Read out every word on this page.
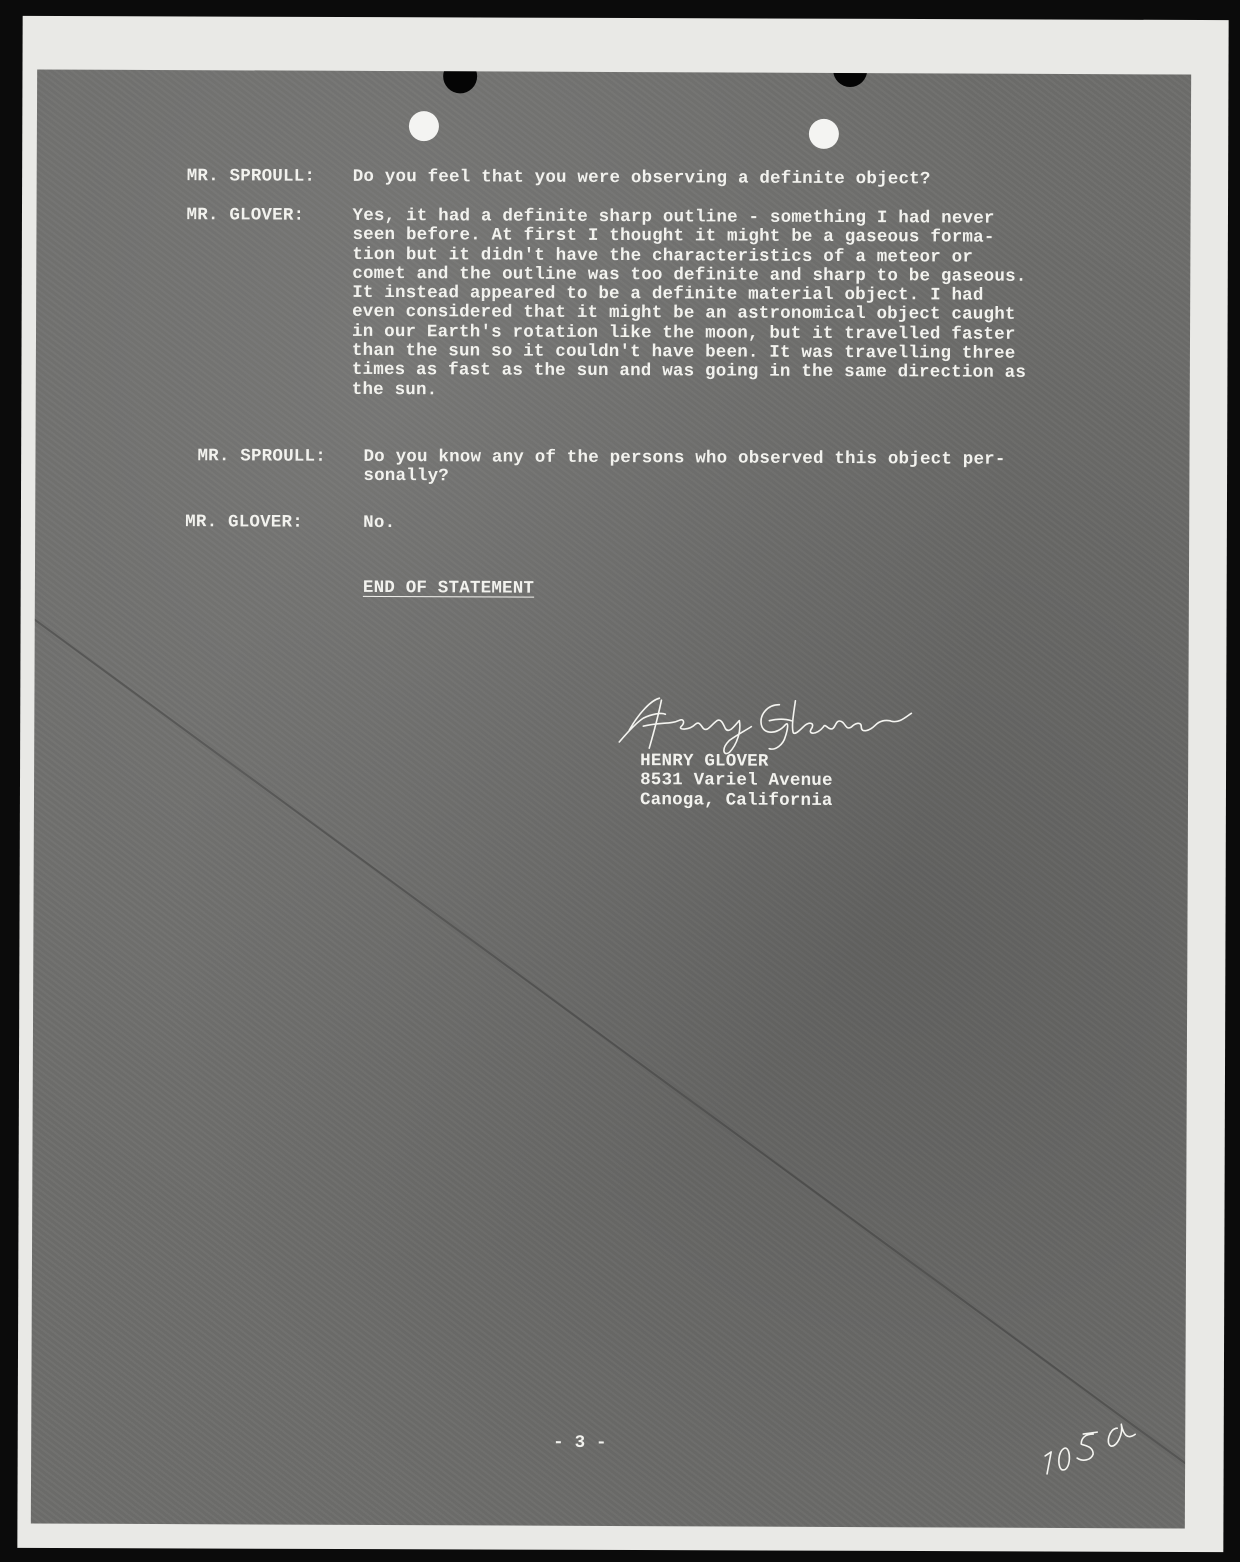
MR. SPROULL: Do you feel that you were observing a definite object?
MR. GLOVER:	Yes, it had a definite sharp outline - something I had never
seen before. At first I thought it might be a gaseous forma-
tion but it didn't have the characteristics of a meteor or
comet and the outline was too definite and sharp to be gaseous.
It instead appeared to be a definite material object. I had
even considered that it might be an astronomical object caught
in our Earth's rotation like the moon, but it travelled faster
than the sun so it couldn't have been. It was travelling three
times as fast as the sun and was going in the same direction as
the sun.
MR. SPROULL: Do you know any of the persons who observed this object per-
sonally?
MR. GLOVER:	No.
END OF STATEMENT
HENRY GLOVER
8531 Variel Avenue
Canoga, California
- 3 -
